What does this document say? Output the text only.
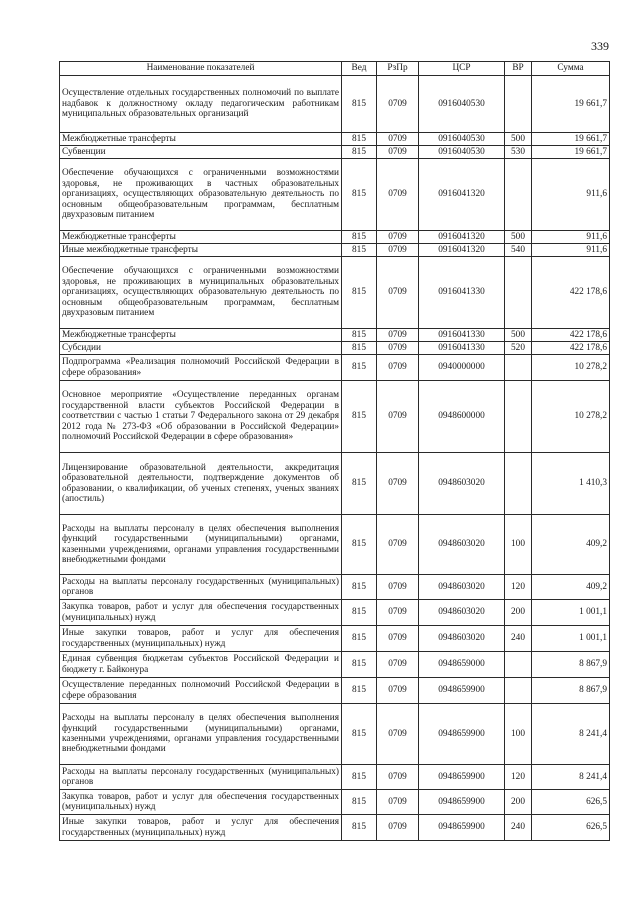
339
Наименование показателей	Вед	РзПр	ЦСР	ВР	Сумма
Осуществление отдельных государственных полномочий по выплате надбавок к должностному окладу педагогическим работникам муниципальных образовательных организаций	815	0709	0916040530		19 661,7
Межбюджетные трансферты	815	0709	0916040530	500	19 661,7
Субвенции	815	0709	0916040530	530	19 661,7
Обеспечение обучающихся с ограниченными возможностями здоровья, не проживающих в частных образовательных организациях, осуществляющих образовательную деятельность по основным общеобразовательным программам, бесплатным двухразовым питанием	815	0709	0916041320		911,6
Межбюджетные трансферты	815	0709	0916041320	500	911,6
Иные межбюджетные трансферты	815	0709	0916041320	540	911,6
Обеспечение обучающихся с ограниченными возможностями здоровья, не проживающих в муниципальных образовательных организациях, осуществляющих образовательную деятельность по основным общеобразовательным программам, бесплатным двухразовым питанием	815	0709	0916041330		422 178,6
Межбюджетные трансферты	815	0709	0916041330	500	422 178,6
Субсидии	815	0709	0916041330	520	422 178,6
Подпрограмма «Реализация полномочий Российской Федерации в сфере образования»	815	0709	0940000000		10 278,2
Основное мероприятие «Осуществление переданных органам государственной власти субъектов Российской Федерации в соответствии с частью 1 статьи 7 Федерального закона от 29 декабря 2012 года № 273-ФЗ «Об образовании в Российской Федерации» полномочий Российской Федерации в сфере образования»	815	0709	0948600000		10 278,2
Лицензирование образовательной деятельности, аккредитация образовательной деятельности, подтверждение документов об образовании, о квалификации, об ученых степенях, ученых званиях (апостиль)	815	0709	0948603020		1 410,3
Расходы на выплаты персоналу в целях обеспечения выполнения функций государственными (муниципальными) органами, казенными учреждениями, органами управления государственными внебюджетными фондами	815	0709	0948603020	100	409,2
Расходы на выплаты персоналу государственных (муниципальных) органов	815	0709	0948603020	120	409,2
Закупка товаров, работ и услуг для обеспечения государственных (муниципальных) нужд	815	0709	0948603020	200	1 001,1
Иные закупки товаров, работ и услуг для обеспечения государственных (муниципальных) нужд	815	0709	0948603020	240	1 001,1
Единая субвенция бюджетам субъектов Российской Федерации и бюджету г. Байконура	815	0709	0948659000		8 867,9
Осуществление переданных полномочий Российской Федерации в сфере образования	815	0709	0948659900		8 867,9
Расходы на выплаты персоналу в целях обеспечения выполнения функций государственными (муниципальными) органами, казенными учреждениями, органами управления государственными внебюджетными фондами	815	0709	0948659900	100	8 241,4
Расходы на выплаты персоналу государственных (муниципальных) органов	815	0709	0948659900	120	8 241,4
Закупка товаров, работ и услуг для обеспечения государственных (муниципальных) нужд	815	0709	0948659900	200	626,5
Иные закупки товаров, работ и услуг для обеспечения государственных (муниципальных) нужд	815	0709	0948659900	240	626,5
